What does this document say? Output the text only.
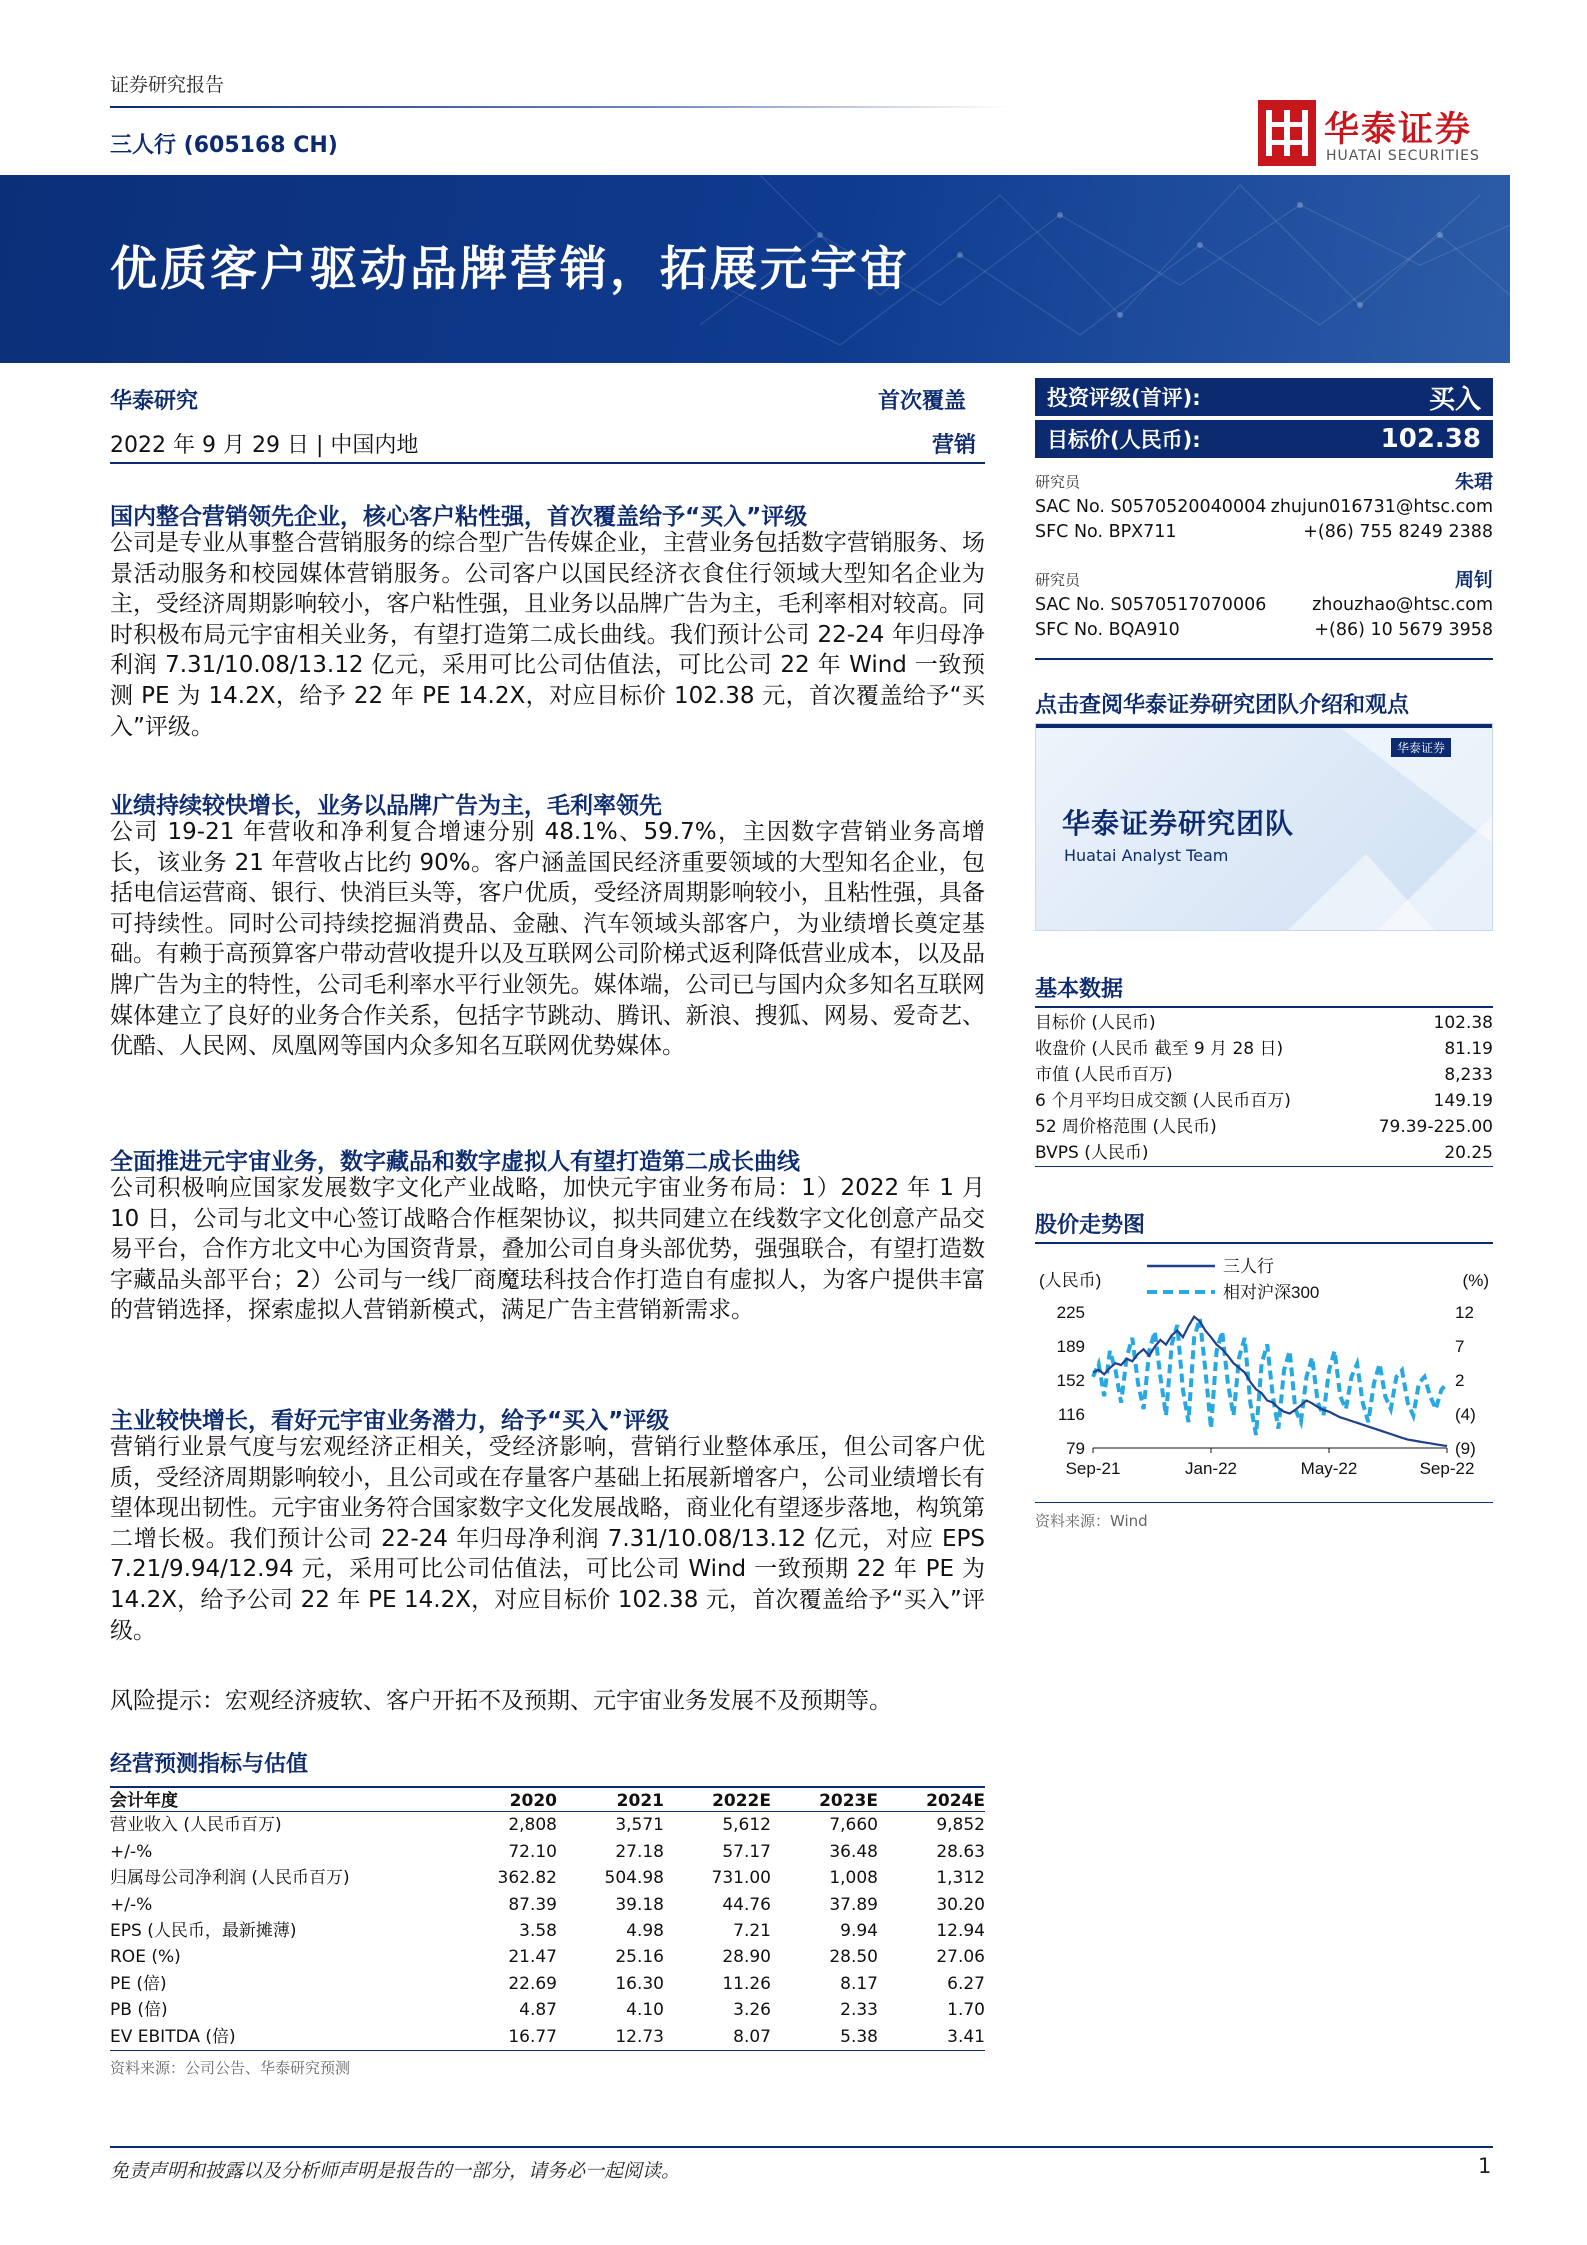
证券研究报告
三人行 (605168 CH)	华泰证券
HUATAI SECURITIES
优质客户驱动品牌营销，拓展元宇宙
华泰研究	首次覆盖
2022 年 9 月 29 日 | 中国内地	营销
国内整合营销领先企业，核心客户粘性强，首次覆盖给予“买入”评级
公司是专业从事整合营销服务的综合型广告传媒企业，主营业务包括数字营销服务、场景活动服务和校园媒体营销服务。公司客户以国民经济衣食住行领域大型知名企业为主，受经济周期影响较小，客户粘性强，且业务以品牌广告为主，毛利率相对较高。同时积极布局元宇宙相关业务，有望打造第二成长曲线。我们预计公司 22-24 年归母净利润 7.31/10.08/13.12 亿元，采用可比公司估值法，可比公司 22 年 Wind 一致预测 PE 为 14.2X，给予 22 年 PE 14.2X，对应目标价 102.38 元，首次覆盖给予“买入”评级。
业绩持续较快增长，业务以品牌广告为主，毛利率领先
公司 19-21 年营收和净利复合增速分别 48.1%、59.7%，主因数字营销业务高增长，该业务 21 年营收占比约 90%。客户涵盖国民经济重要领域的大型知名企业，包括电信运营商、银行、快消巨头等，客户优质，受经济周期影响较小，且粘性强，具备可持续性。同时公司持续挖掘消费品、金融、汽车领域头部客户，为业绩增长奠定基础。有赖于高预算客户带动营收提升以及互联网公司阶梯式返利降低营业成本，以及品牌广告为主的特性，公司毛利率水平行业领先。媒体端，公司已与国内众多知名互联网媒体建立了良好的业务合作关系，包括字节跳动、腾讯、新浪、搜狐、网易、爱奇艺、优酷、人民网、凤凰网等国内众多知名互联网优势媒体。
全面推进元宇宙业务，数字藏品和数字虚拟人有望打造第二成长曲线
公司积极响应国家发展数字文化产业战略，加快元宇宙业务布局：1）2022 年 1 月 10 日，公司与北文中心签订战略合作框架协议，拟共同建立在线数字文化创意产品交易平台，合作方北文中心为国资背景，叠加公司自身头部优势，强强联合，有望打造数字藏品头部平台；2）公司与一线厂商魔珐科技合作打造自有虚拟人，为客户提供丰富的营销选择，探索虚拟人营销新模式，满足广告主营销新需求。
主业较快增长，看好元宇宙业务潜力，给予“买入”评级
营销行业景气度与宏观经济正相关，受经济影响，营销行业整体承压，但公司客户优质，受经济周期影响较小，且公司或在存量客户基础上拓展新增客户，公司业绩增长有望体现出韧性。元宇宙业务符合国家数字文化发展战略，商业化有望逐步落地，构筑第二增长极。我们预计公司 22-24 年归母净利润 7.31/10.08/13.12 亿元，对应 EPS 7.21/9.94/12.94 元，采用可比公司估值法，可比公司 Wind 一致预期 22 年 PE 为 14.2X，给予公司 22 年 PE 14.2X，对应目标价 102.38 元，首次覆盖给予“买入”评级。
风险提示：宏观经济疲软、客户开拓不及预期、元宇宙业务发展不及预期等。
经营预测指标与估值
会计年度	2020	2021	2022E	2023E	2024E
营业收入 (人民币百万)	2,808	3,571	5,612	7,660	9,852
+/-%	72.10	27.18	57.17	36.48	28.63
归属母公司净利润 (人民币百万)	362.82	504.98	731.00	1,008	1,312
+/-%	87.39	39.18	44.76	37.89	30.20
EPS (人民币，最新摊薄)	3.58	4.98	7.21	9.94	12.94
ROE (%)	21.47	25.16	28.90	28.50	27.06
PE (倍)	22.69	16.30	11.26	8.17	6.27
PB (倍)	4.87	4.10	3.26	2.33	1.70
EV EBITDA (倍)	16.77	12.73	8.07	5.38	3.41
资料来源：公司公告、华泰研究预测
投资评级(首评):	买入
目标价(人民币):	102.38
研究员	朱珺
SAC No. S0570520040004 zhujun016731@htsc.com
SFC No. BPX711	+(86) 755 8249 2388
研究员	周钊
SAC No. S0570517070006	zhouzhao@htsc.com
SFC No. BQA910	+(86) 10 5679 3958
点击查阅华泰证券研究团队介绍和观点
华泰证券
华泰证券研究团队
Huatai Analyst Team
基本数据
目标价 (人民币)	102.38
收盘价 (人民币 截至 9 月 28 日)	81.19
市值 (人民币百万)	8,233
6 个月平均日成交额 (人民币百万)	149.19
52 周价格范围 (人民币)	79.39-225.00
BVPS (人民币)	20.25
股价走势图
(人民币)	(%)
三人行
相对沪深300
225
189
152
116
79
12
7
2
(4)
(9)
Sep-21	Jan-22	May-22	Sep-22
资料来源：Wind
免责声明和披露以及分析师声明是报告的一部分，请务必一起阅读。	1
